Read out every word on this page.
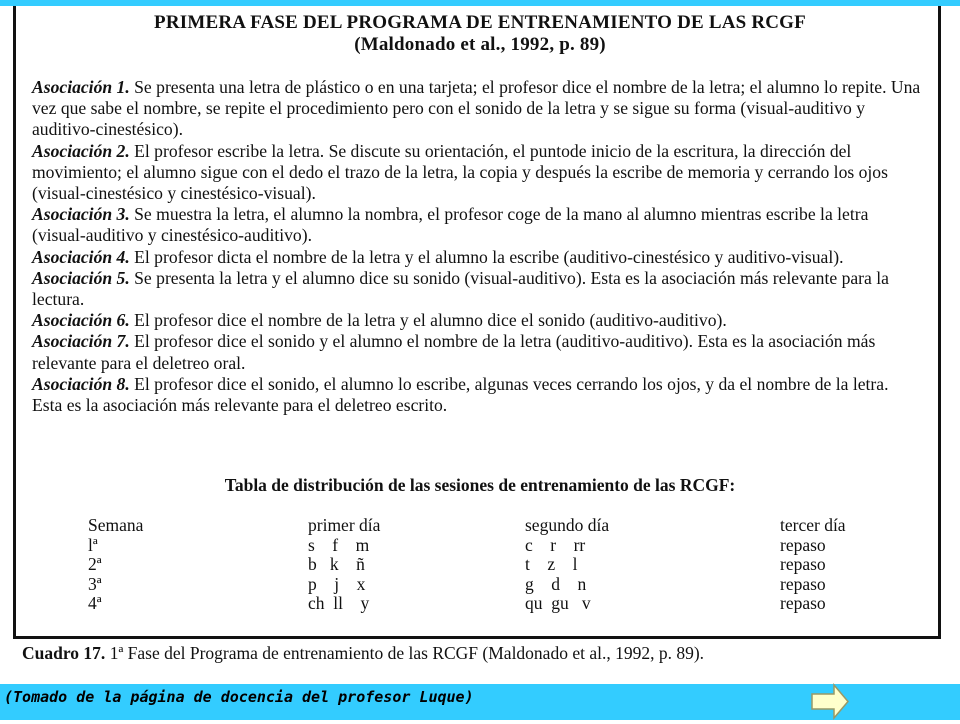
PRIMERA FASE DEL PROGRAMA DE ENTRENAMIENTO DE LAS RCGF
(Maldonado et al., 1992, p. 89)

Asociación 1. Se presenta una letra de plástico o en una tarjeta; el profesor dice el nombre de la letra; el alumno lo repite. Una vez que sabe el nombre, se repite el procedimiento pero con el sonido de la letra y se sigue su forma (visual-auditivo y auditivo-cinestésico).

Asociación 2. El profesor escribe la letra. Se discute su orientación, el puntode inicio de la escritura, la dirección del movimiento; el alumno sigue con el dedo el trazo de la letra, la copia y después la escribe de memoria y cerrando los ojos (visual-cinestésico y cinestésico-visual).

Asociación 3. Se muestra la letra, el alumno la nombra, el profesor coge de la mano al alumno mientras escribe la letra (visual-auditivo y cinestésico-auditivo).

Asociación 4. El profesor dicta el nombre de la letra y el alumno la escribe (auditivo-cinestésico y auditivo-visual).

Asociación 5. Se presenta la letra y el alumno dice su sonido (visual-auditivo). Esta es la asociación más relevante para la lectura.

Asociación 6. El profesor dice el nombre de la letra y el alumno dice el sonido (auditivo-auditivo).

Asociación 7. El profesor dice el sonido y el alumno el nombre de la letra (auditivo-auditivo). Esta es la asociación más relevante para el deletreo oral.

Asociación 8. El profesor dice el sonido, el alumno lo escribe, algunas veces cerrando los ojos, y da el nombre de la letra. Esta es la asociación más relevante para el deletreo escrito.

Tabla de distribución de las sesiones de entrenamiento de las RCGF:
Semana	primer día	segundo día	tercer día
lª	s    f    m	c    r    rr	repaso
2ª	b   k    ñ	t    z    l	repaso
3ª	p    j    x	g    d    n	repaso
4ª	ch  ll    y	qu  gu   v	repaso
Cuadro 17. 1ª Fase del Programa de entrenamiento de las RCGF (Maldonado et al., 1992, p. 89).
(Tomado de la página de docencia del profesor Luque)
